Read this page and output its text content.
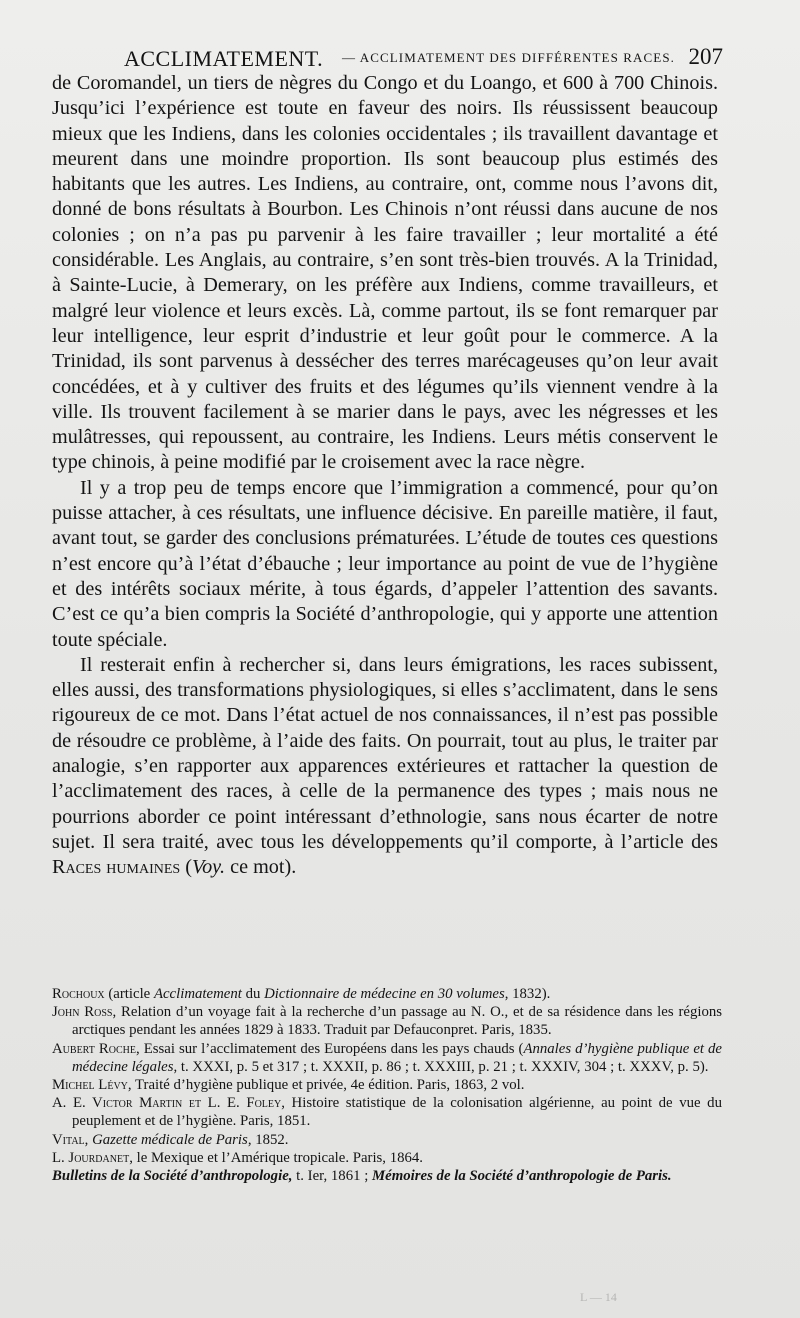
ACCLIMATEMENT. — ACCLIMATEMENT DES DIFFÉRENTES RACES. 207

de Coromandel, un tiers de nègres du Congo et du Loango, et 600 à 700 Chinois. Jusqu’ici l’expérience est toute en faveur des noirs. Ils réussissent beaucoup mieux que les Indiens, dans les colonies occidentales ; ils travaillent davantage et meurent dans une moindre proportion. Ils sont beaucoup plus estimés des habitants que les autres. Les Indiens, au contraire, ont, comme nous l’avons dit, donné de bons résultats à Bourbon. Les Chinois n’ont réussi dans aucune de nos colonies ; on n’a pas pu parvenir à les faire travailler ; leur mortalité a été considérable. Les Anglais, au contraire, s’en sont très-bien trouvés. A la Trinidad, à Sainte-Lucie, à Demerary, on les préfère aux Indiens, comme travailleurs, et malgré leur violence et leurs excès. Là, comme partout, ils se font remarquer par leur intelligence, leur esprit d’industrie et leur goût pour le commerce. A la Trinidad, ils sont parvenus à dessécher des terres marécageuses qu’on leur avait concédées, et à y cultiver des fruits et des légumes qu’ils viennent vendre à la ville. Ils trouvent facilement à se marier dans le pays, avec les négresses et les mulâtresses, qui repoussent, au contraire, les Indiens. Leurs métis conservent le type chinois, à peine modifié par le croisement avec la race nègre.

Il y a trop peu de temps encore que l’immigration a commencé, pour qu’on puisse attacher, à ces résultats, une influence décisive. En pareille matière, il faut, avant tout, se garder des conclusions prématurées. L’étude de toutes ces questions n’est encore qu’à l’état d’ébauche ; leur importance au point de vue de l’hygiène et des intérêts sociaux mérite, à tous égards, d’appeler l’attention des savants. C’est ce qu’a bien compris la Société d’anthropologie, qui y apporte une attention toute spéciale.

Il resterait enfin à rechercher si, dans leurs émigrations, les races subissent, elles aussi, des transformations physiologiques, si elles s’acclimatent, dans le sens rigoureux de ce mot. Dans l’état actuel de nos connaissances, il n’est pas possible de résoudre ce problème, à l’aide des faits. On pourrait, tout au plus, le traiter par analogie, s’en rapporter aux apparences extérieures et rattacher la question de l’acclimatement des races, à celle de la permanence des types ; mais nous ne pourrions aborder ce point intéressant d’ethnologie, sans nous écarter de notre sujet. Il sera traité, avec tous les développements qu’il comporte, à l’article des Races humaines (Voy. ce mot).

Rochoux (article Acclimatement du Dictionnaire de médecine en 30 volumes, 1832).

John Ross, Relation d’un voyage fait à la recherche d’un passage au N. O., et de sa résidence dans les régions arctiques pendant les années 1829 à 1833. Traduit par Defauconpret. Paris, 1835.

Aubert Roche, Essai sur l’acclimatement des Européens dans les pays chauds (Annales d’hygiène publique et de médecine légales, t. XXXI, p. 5 et 317 ; t. XXXII, p. 86 ; t. XXXIII, p. 21 ; t. XXXIV, 304 ; t. XXXV, p. 5).

Michel Lévy, Traité d’hygiène publique et privée, 4e édition. Paris, 1863, 2 vol.

A. E. Victor Martin et L. E. Foley, Histoire statistique de la colonisation algérienne, au point de vue du peuplement et de l’hygiène. Paris, 1851.

Vital, Gazette médicale de Paris, 1852.

L. Jourdanet, le Mexique et l’Amérique tropicale. Paris, 1864.

Bulletins de la Société d’anthropologie, t. Ier, 1861 ; Mémoires de la Société d’anthropologie de Paris.

L — 14
